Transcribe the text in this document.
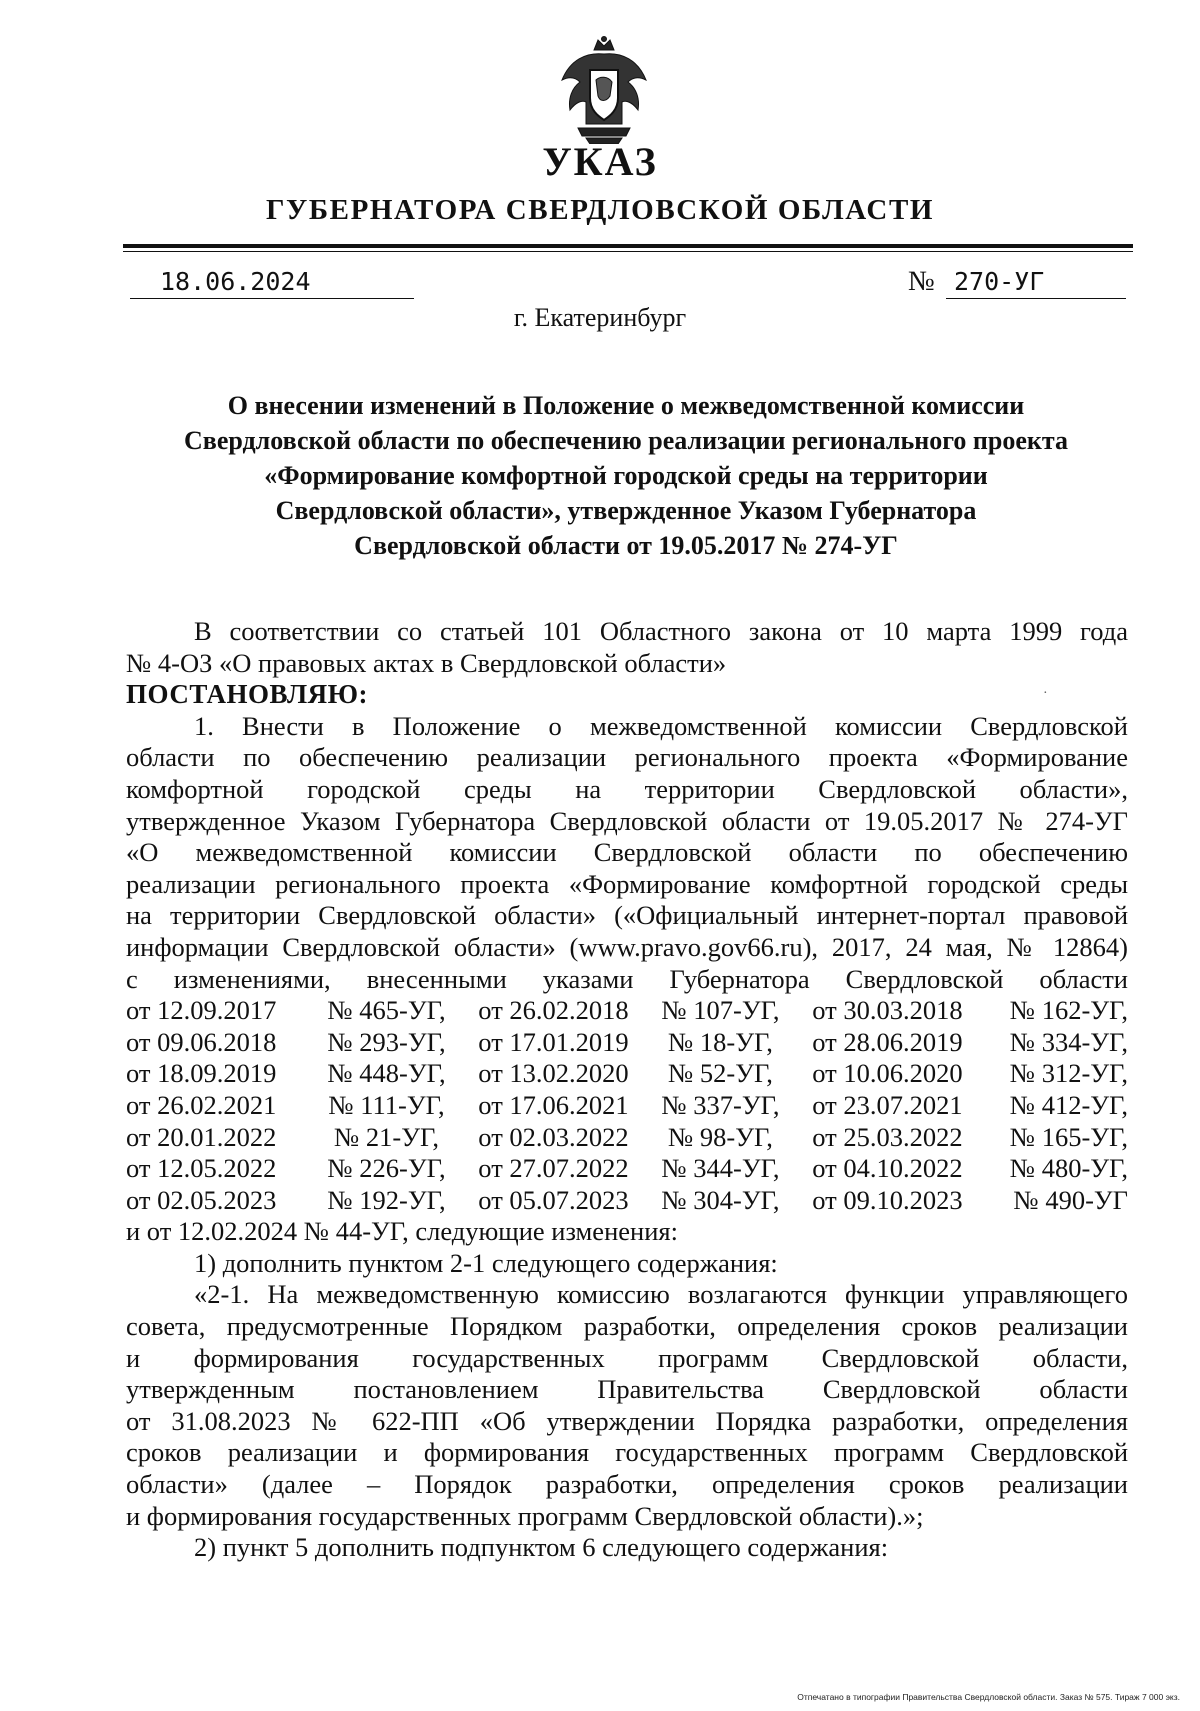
УКАЗ
ГУБЕРНАТОРА СВЕРДЛОВСКОЙ ОБЛАСТИ
18.06.2024	№ 270-УГ
г. Екатеринбург
О внесении изменений в Положение о межведомственной комиссии
Свердловской области по обеспечению реализации регионального проекта
«Формирование комфортной городской среды на территории
Свердловской области», утвержденное Указом Губернатора
Свердловской области от 19.05.2017 № 274-УГ
·

В соответствии со статьей 101 Областного закона от 10 марта 1999 года

№ 4-ОЗ «О правовых актах в Свердловской области»

ПОСТАНОВЛЯЮ:

1. Внести в Положение о межведомственной комиссии Свердловской

области по обеспечению реализации регионального проекта «Формирование

комфортной городской среды на территории Свердловской области»,

утвержденное Указом Губернатора Свердловской области от 19.05.2017 № 274-УГ

«О межведомственной комиссии Свердловской области по обеспечению

реализации регионального проекта «Формирование комфортной городской среды

на территории Свердловской области» («Официальный интернет-портал правовой

информации Свердловской области» (www.pravo.gov66.ru), 2017, 24 мая, № 12864)

с изменениями, внесенными указами Губернатора Свердловской области

от 12.09.2017	№ 465-УГ,	от 26.02.2018	№ 107-УГ,	от 30.03.2018	№ 162-УГ,
от 09.06.2018	№ 293-УГ,	от 17.01.2019	№ 18-УГ,	от 28.06.2019	№ 334-УГ,
от 18.09.2019	№ 448-УГ,	от 13.02.2020	№ 52-УГ,	от 10.06.2020	№ 312-УГ,
от 26.02.2021	№ 111-УГ,	от 17.06.2021	№ 337-УГ,	от 23.07.2021	№ 412-УГ,
от 20.01.2022	№ 21-УГ,	от 02.03.2022	№ 98-УГ,	от 25.03.2022	№ 165-УГ,
от 12.05.2022	№ 226-УГ,	от 27.07.2022	№ 344-УГ,	от 04.10.2022	№ 480-УГ,
от 02.05.2023	№ 192-УГ,	от 05.07.2023	№ 304-УГ,	от 09.10.2023	№ 490-УГ

и от 12.02.2024 № 44-УГ, следующие изменения:

1) дополнить пунктом 2-1 следующего содержания:

«2-1. На межведомственную комиссию возлагаются функции управляющего

совета, предусмотренные Порядком разработки, определения сроков реализации

и формирования государственных программ Свердловской области,

утвержденным постановлением Правительства Свердловской области

от 31.08.2023 № 622-ПП «Об утверждении Порядка разработки, определения

сроков реализации и формирования государственных программ Свердловской

области» (далее – Порядок разработки, определения сроков реализации

и формирования государственных программ Свердловской области).»;

2) пункт 5 дополнить подпунктом 6 следующего содержания:

Отпечатано в типографии Правительства Свердловской области. Заказ № 575. Тираж 7 000 экз.
